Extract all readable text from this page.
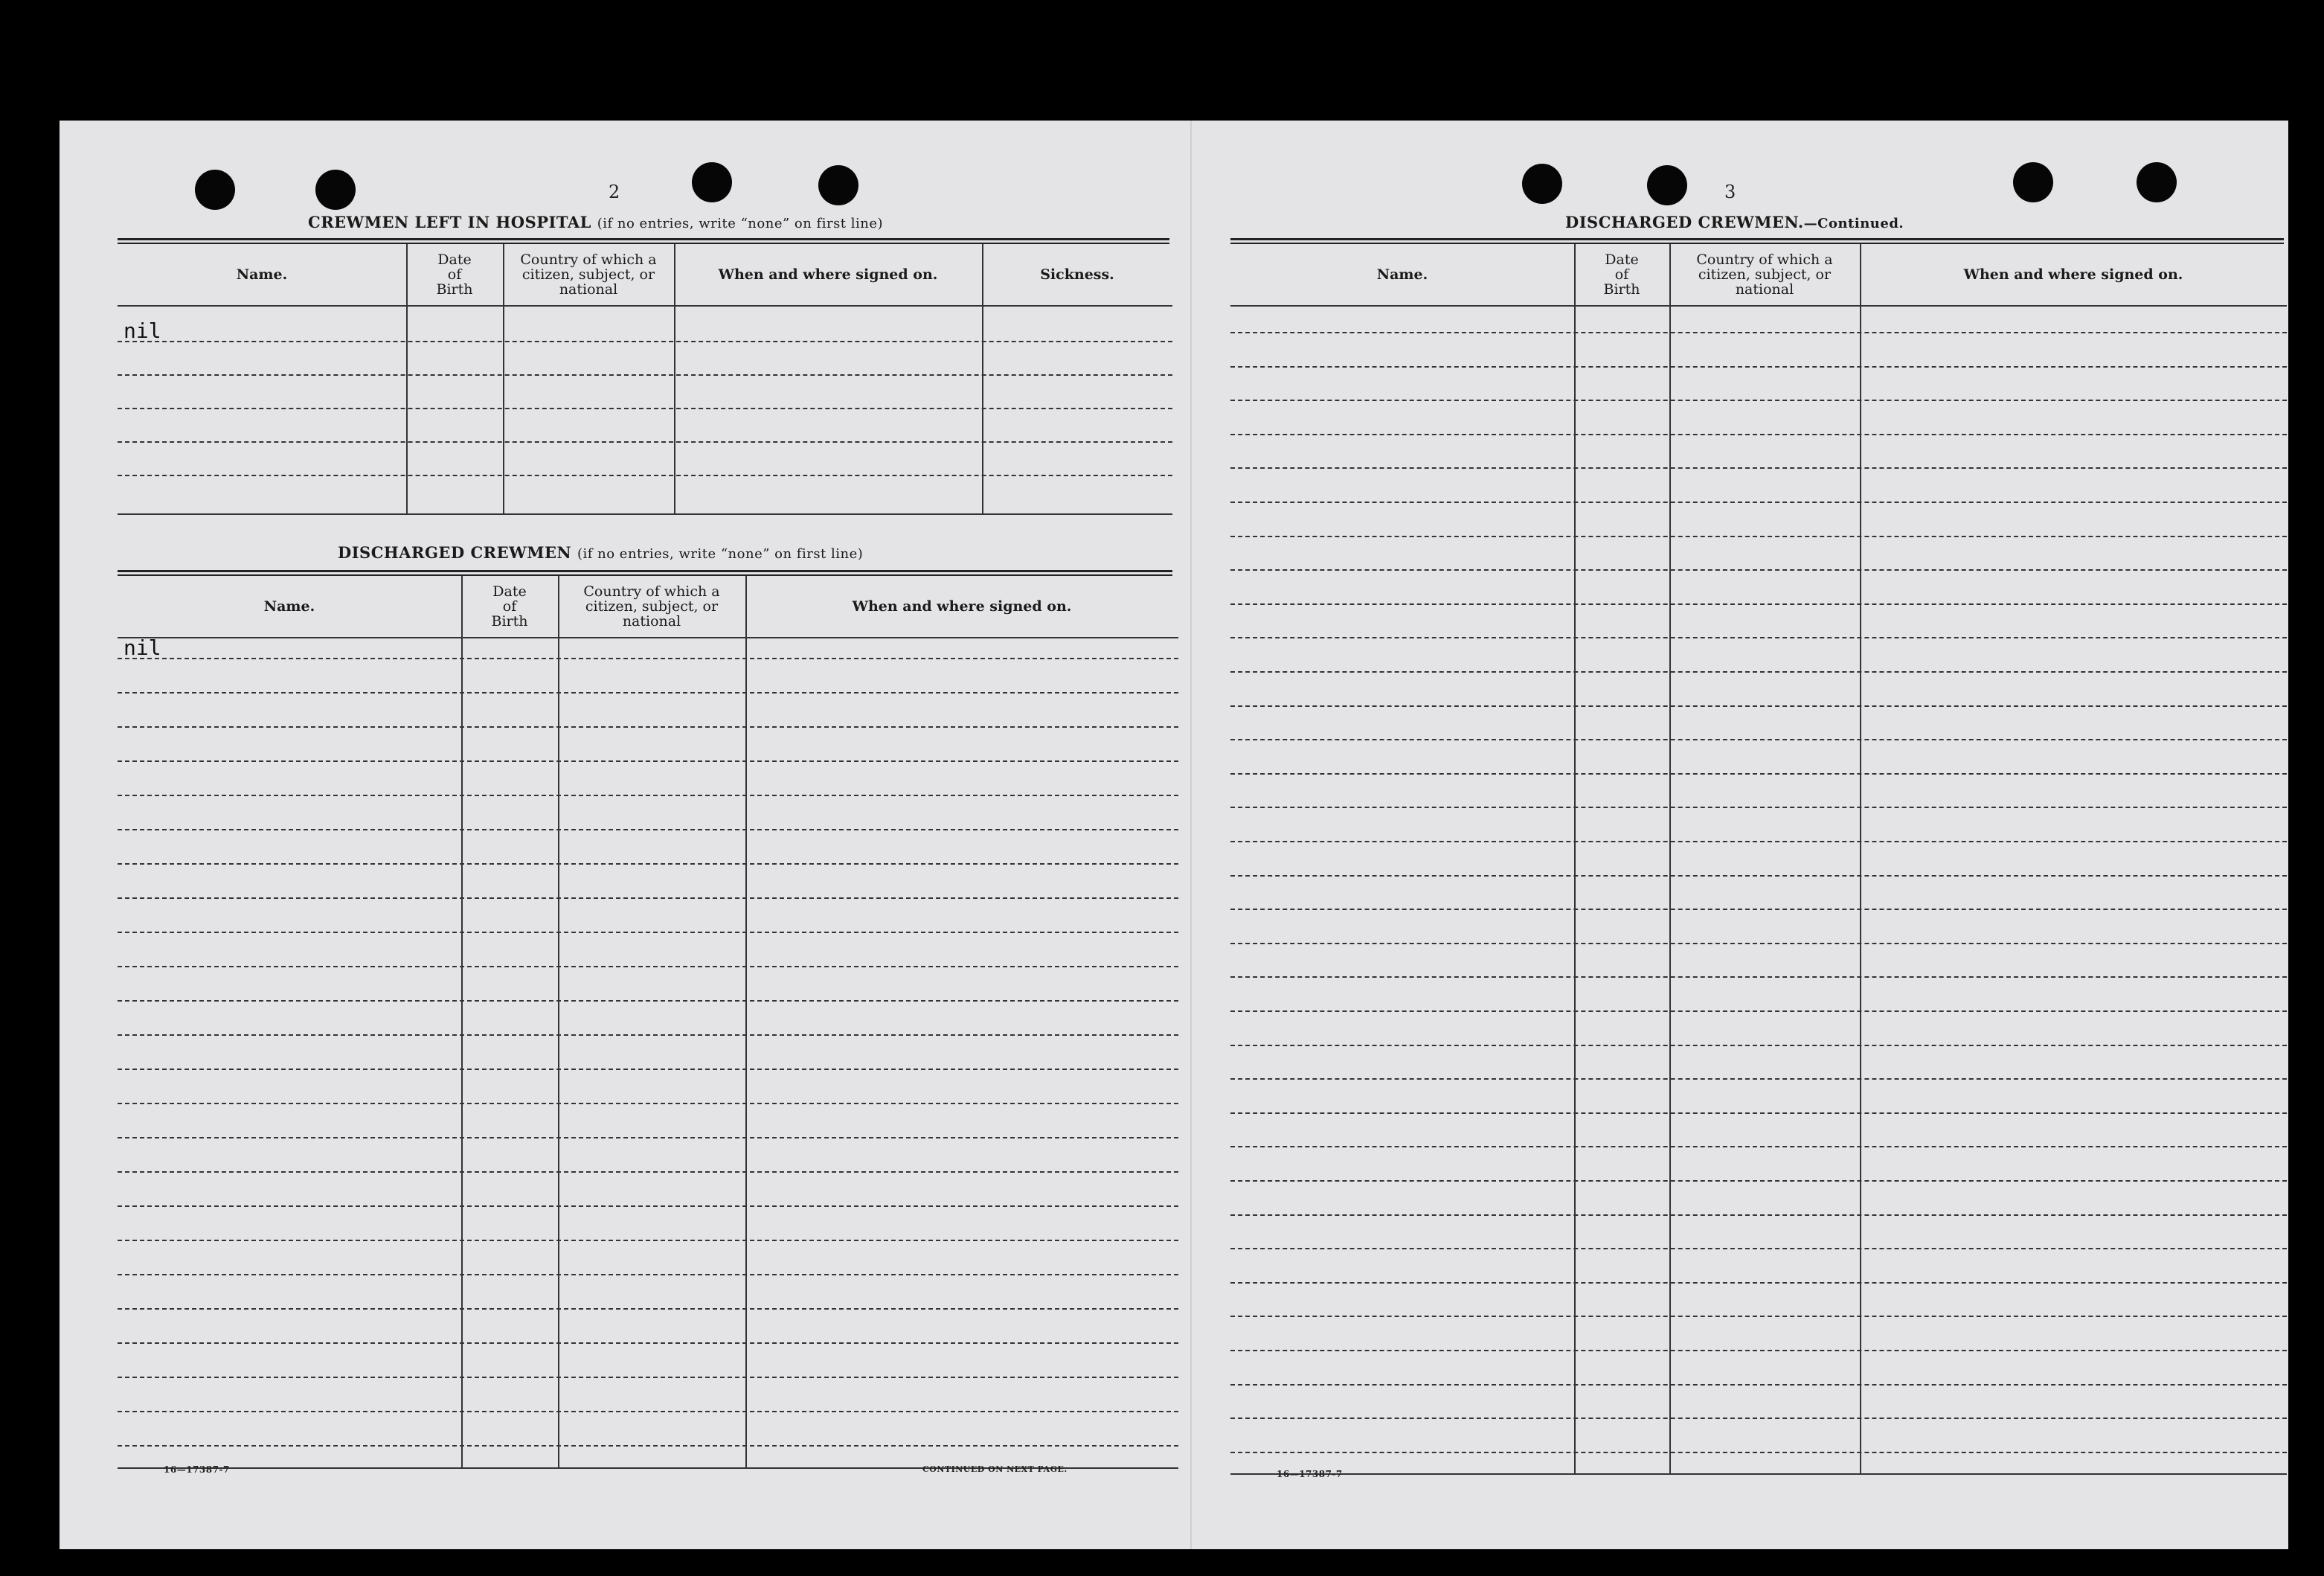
2
CREWMEN LEFT IN HOSPITAL (if no entries, write “none” on first line)
Name.
Date
of
Birth
Country of which a
citizen, subject, or
national
When and where signed on.	Sickness.
nil
DISCHARGED CREWMEN (if no entries, write “none” on first line)
Name.
Date
of
Birth
Country of which a
citizen, subject, or
national
When and where signed on.
nil
16—17387-7	CONTINUED ON NEXT PAGE.
3
DISCHARGED CREWMEN.—Continued.
Name.
Date
of
Birth
Country of which a
citizen, subject, or
national
When and where signed on.
16—17387-7
